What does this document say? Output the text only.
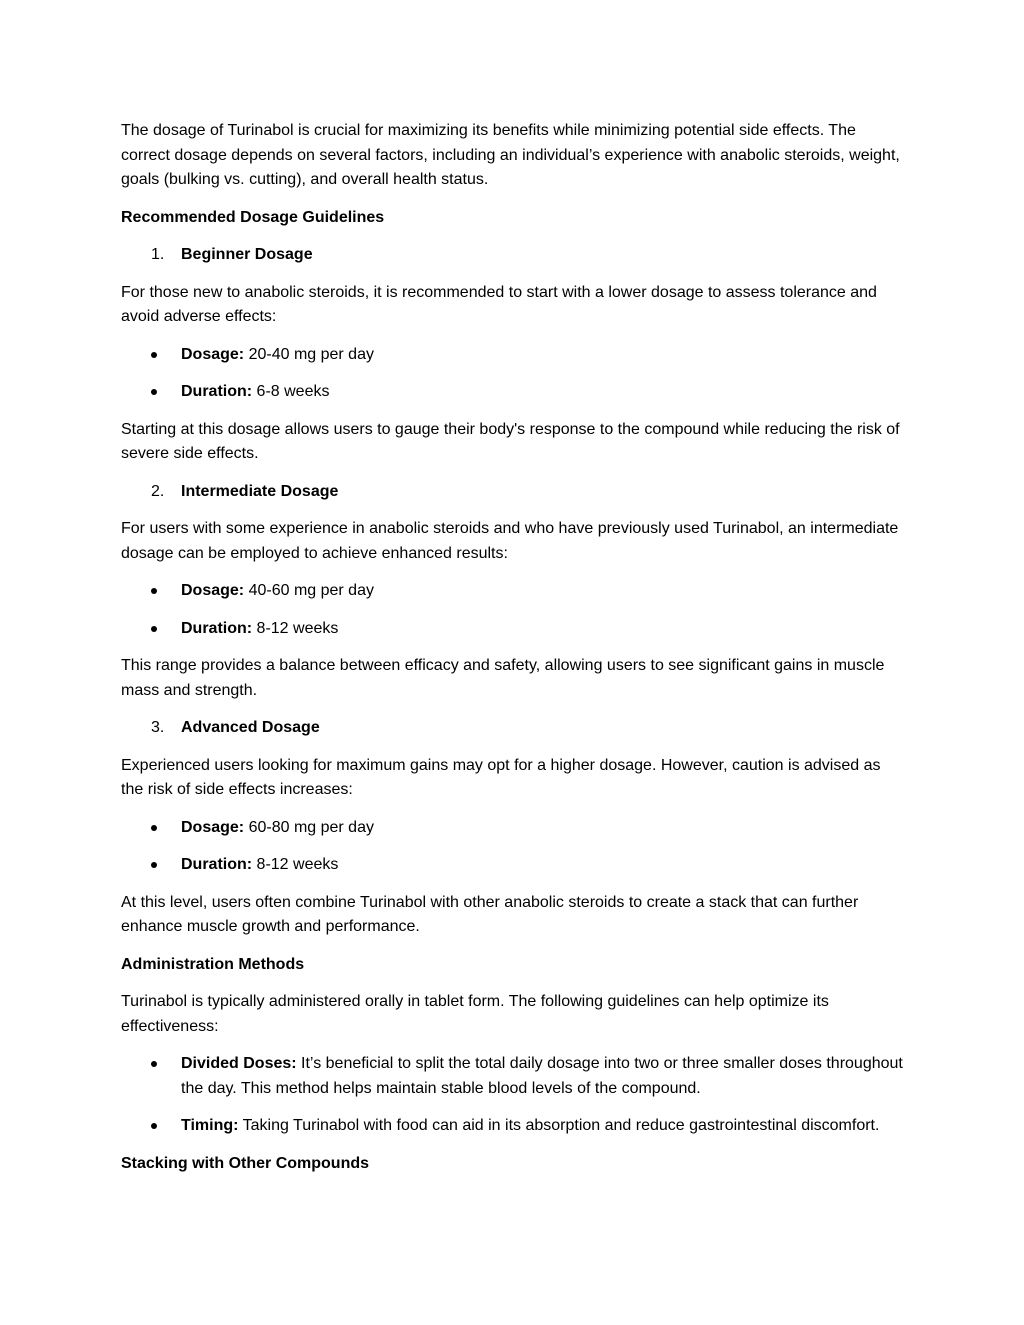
The dosage of Turinabol is crucial for maximizing its benefits while minimizing potential side effects. The correct dosage depends on several factors, including an individual’s experience with anabolic steroids, weight, goals (bulking vs. cutting), and overall health status.

Recommended Dosage Guidelines

1. Beginner Dosage

For those new to anabolic steroids, it is recommended to start with a lower dosage to assess tolerance and avoid adverse effects:

Dosage: 20-40 mg per day
Duration: 6-8 weeks

Starting at this dosage allows users to gauge their body's response to the compound while reducing the risk of severe side effects.

2. Intermediate Dosage

For users with some experience in anabolic steroids and who have previously used Turinabol, an intermediate dosage can be employed to achieve enhanced results:

Dosage: 40-60 mg per day
Duration: 8-12 weeks

This range provides a balance between efficacy and safety, allowing users to see significant gains in muscle mass and strength.

3. Advanced Dosage

Experienced users looking for maximum gains may opt for a higher dosage. However, caution is advised as the risk of side effects increases:

Dosage: 60-80 mg per day
Duration: 8-12 weeks

At this level, users often combine Turinabol with other anabolic steroids to create a stack that can further enhance muscle growth and performance.

Administration Methods

Turinabol is typically administered orally in tablet form. The following guidelines can help optimize its effectiveness:

Divided Doses: It’s beneficial to split the total daily dosage into two or three smaller doses throughout the day. This method helps maintain stable blood levels of the compound.
Timing: Taking Turinabol with food can aid in its absorption and reduce gastrointestinal discomfort.

Stacking with Other Compounds
